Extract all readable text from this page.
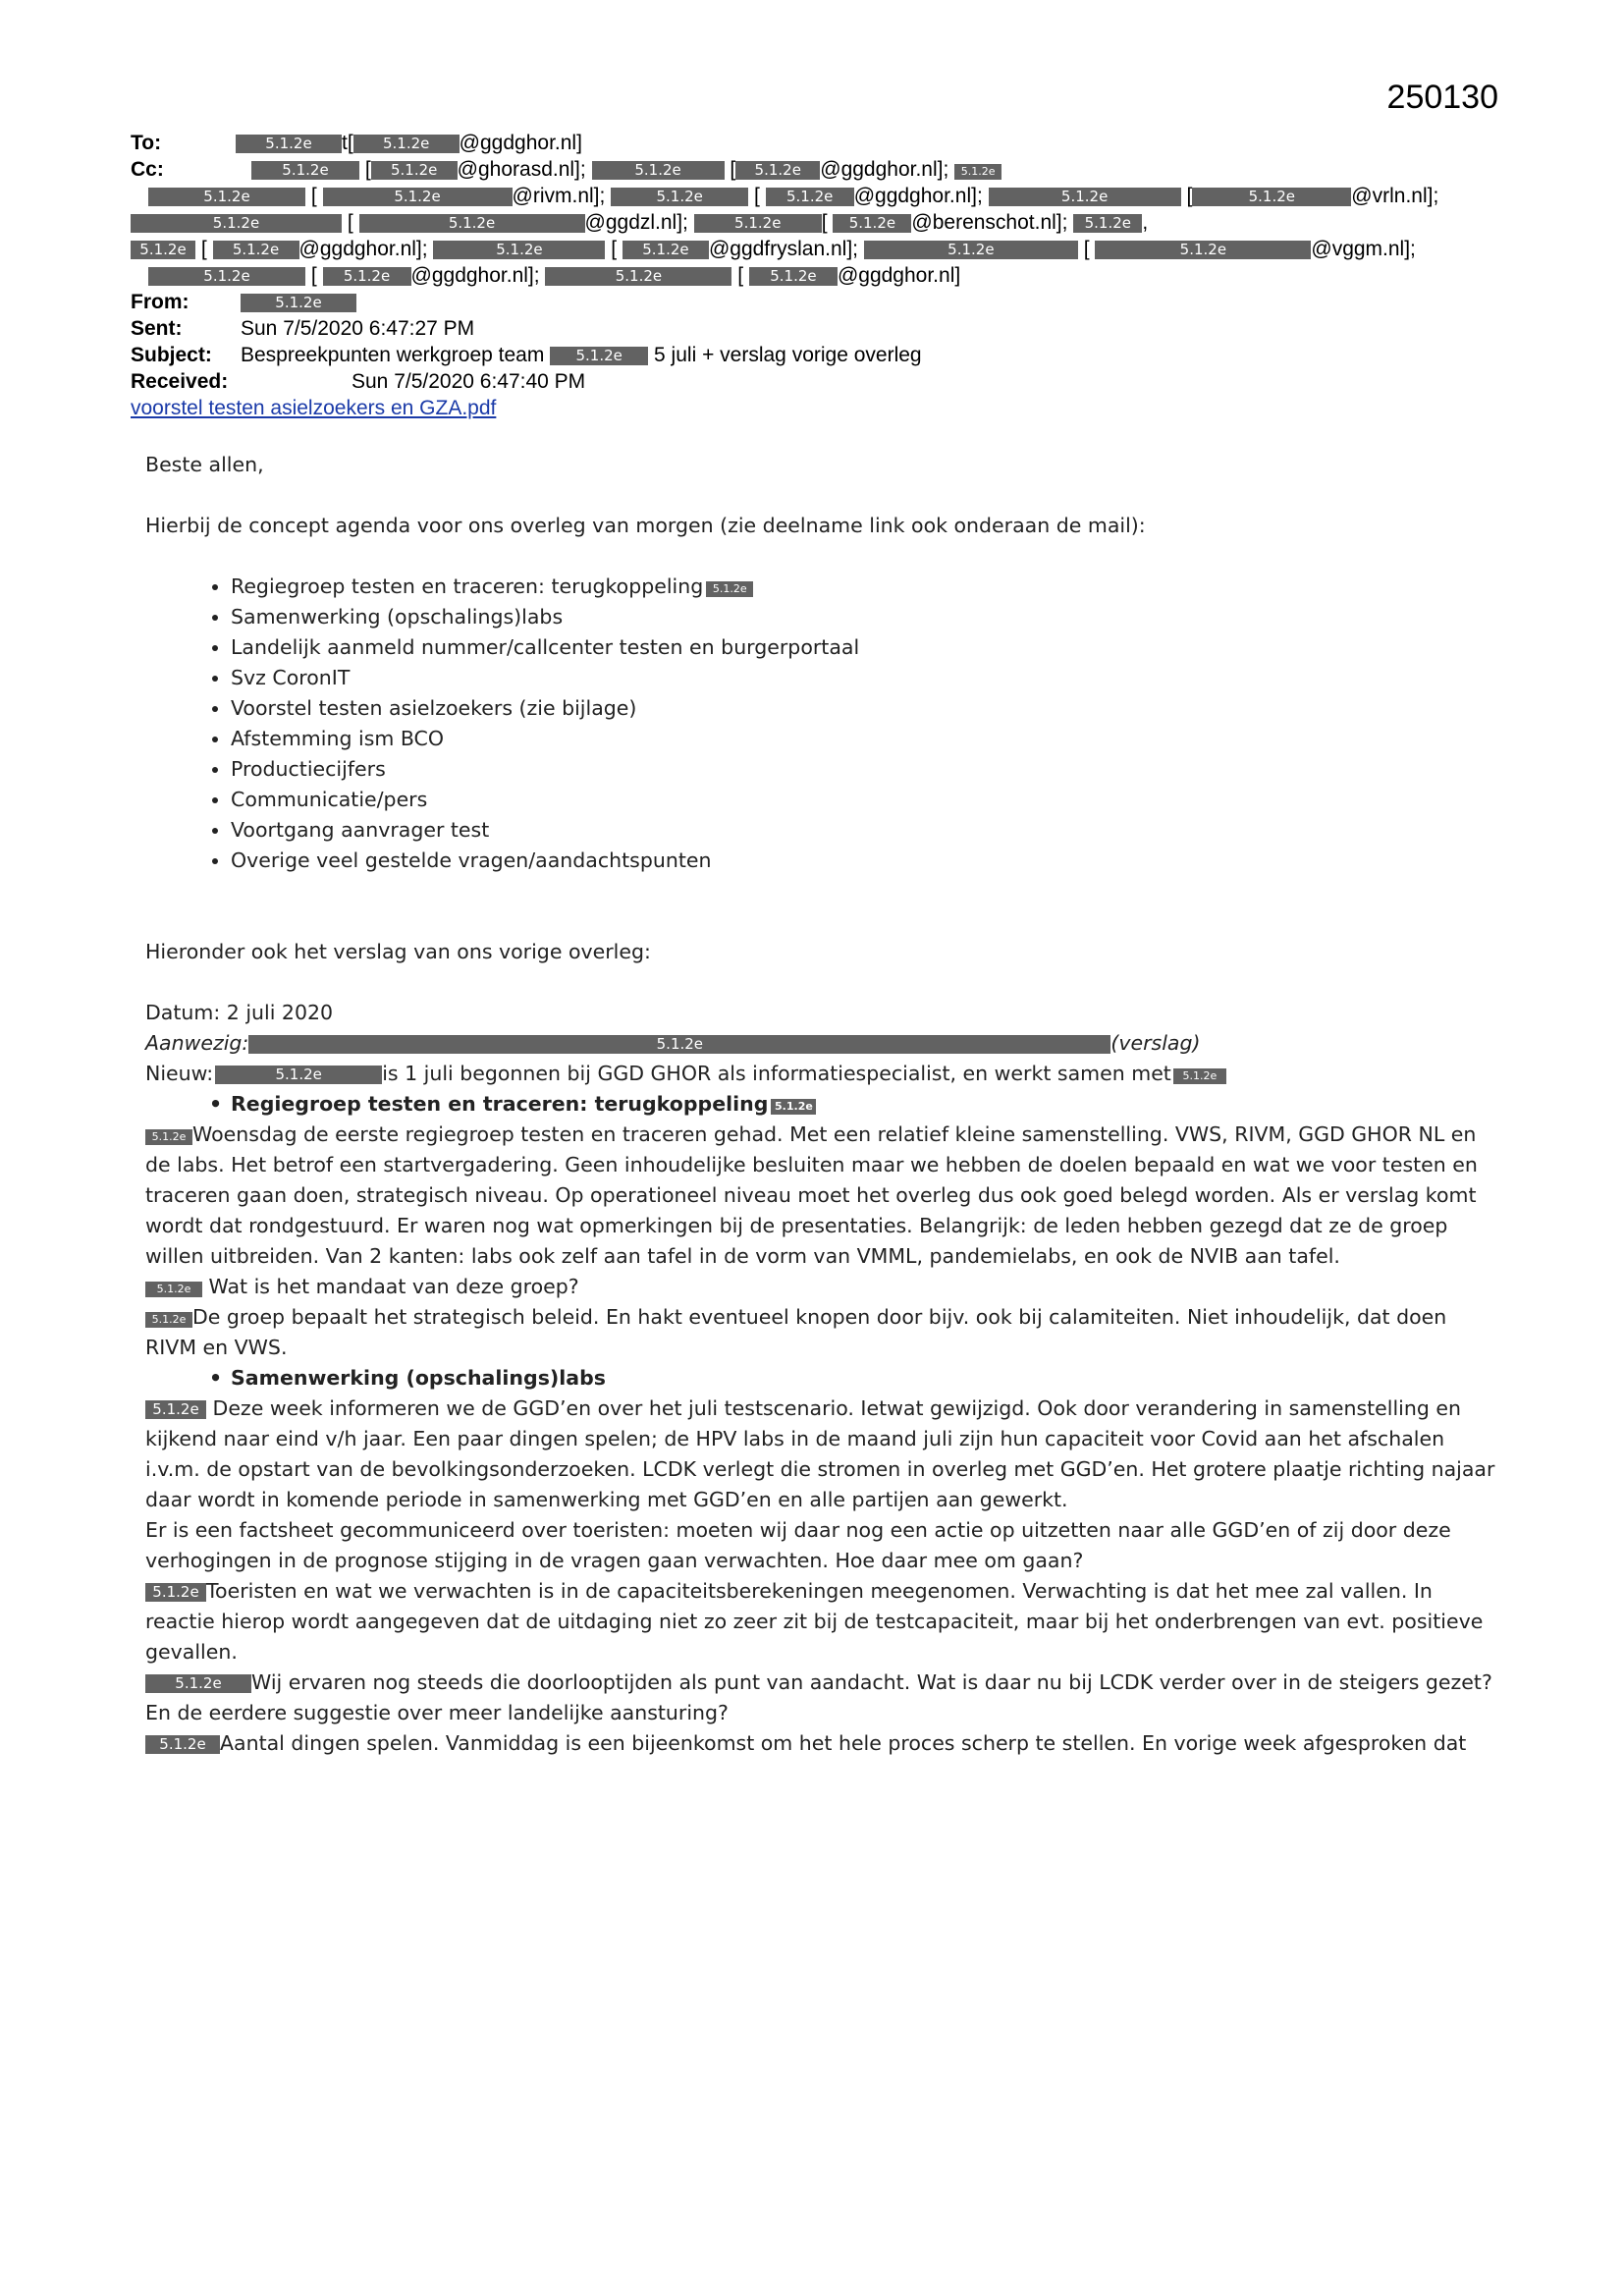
250130
To:	5.1.2e t[ 5.1.2e @ggdghor.nl]
Cc:	5.1.2e [ 5.1.2e @ghorasd.nl];	5.1.2e [ 5.1.2e @ggdghor.nl]; 5.1.2e
5.1.2e	[	5.1.2e	@rivm.nl];	5.1.2e [ 5.1.2e @ggdghor.nl];	5.1.2e	[	5.1.2e	@vrln.nl];
5.1.2e	[	5.1.2e	@ggdzl.nl];	5.1.2e [ 5.1.2e @berenschot.nl]; 5.1.2e ,
5.1.2e [ 5.1.2e @ggdghor.nl];	5.1.2e	[ 5.1.2e @ggdfryslan.nl];	5.1.2e	[	5.1.2e	@vggm.nl];
5.1.2e	[ 5.1.2e @ggdghor.nl];	5.1.2e	[ 5.1.2e @ggdghor.nl]
From:	5.1.2e
Sent:	Sun 7/5/2020 6:47:27 PM
Subject: Bespreekpunten werkgroep team 5.1.2e 5 juli + verslag vorige overleg
Received:	Sun 7/5/2020 6:47:40 PM
voorstel testen asielzoekers en GZA.pdf

Beste allen,

Hierbij de concept agenda voor ons overleg van morgen (zie deelname link ook onderaan de mail):

• Regiegroep testen en traceren: terugkoppeling 5.1.2e
• Samenwerking (opschalings)labs
• Landelijk aanmeld nummer/callcenter testen en burgerportaal
• Svz CoronIT
• Voorstel testen asielzoekers (zie bijlage)
• Afstemming ism BCO
• Productiecijfers
• Communicatie/pers
• Voortgang aanvrager test
• Overige veel gestelde vragen/aandachtspunten

Hieronder ook het verslag van ons vorige overleg:

Datum: 2 juli 2020

Aanwezig:	5.1.2e	(verslag)

Nieuw:	5.1.2e	is 1 juli begonnen bij GGD GHOR als informatiespecialist, en werkt samen met 5.1.2e

• Regiegroep testen en traceren: terugkoppeling 5.1.2e

5.1.2e Woensdag de eerste regiegroep testen en traceren gehad. Met een relatief kleine samenstelling. VWS, RIVM, GGD GHOR NL en de labs. Het betrof een startvergadering. Geen inhoudelijke besluiten maar we hebben de doelen bepaald en wat we voor testen en traceren gaan doen, strategisch niveau. Op operationeel niveau moet het overleg dus ook goed belegd worden. Als er verslag komt wordt dat rondgestuurd. Er waren nog wat opmerkingen bij de presentaties. Belangrijk: de leden hebben gezegd dat ze de groep willen uitbreiden. Van 2 kanten: labs ook zelf aan tafel in de vorm van VMML, pandemielabs, en ook de NVIB aan tafel.

5.1.2e Wat is het mandaat van deze groep?

5.1.2e De groep bepaalt het strategisch beleid. En hakt eventueel knopen door bijv. ook bij calamiteiten. Niet inhoudelijk, dat doen RIVM en VWS.

• Samenwerking (opschalings)labs

5.1.2e Deze week informeren we de GGD’en over het juli testscenario. Ietwat gewijzigd. Ook door verandering in samenstelling en kijkend naar eind v/h jaar. Een paar dingen spelen; de HPV labs in de maand juli zijn hun capaciteit voor Covid aan het afschalen i.v.m. de opstart van de bevolkingsonderzoeken. LCDK verlegt die stromen in overleg met GGD’en. Het grotere plaatje richting najaar daar wordt in komende periode in samenwerking met GGD’en en alle partijen aan gewerkt.

Er is een factsheet gecommuniceerd over toeristen: moeten wij daar nog een actie op uitzetten naar alle GGD’en of zij door deze verhogingen in de prognose stijging in de vragen gaan verwachten. Hoe daar mee om gaan?

5.1.2e Toeristen en wat we verwachten is in de capaciteitsberekeningen meegenomen. Verwachting is dat het mee zal vallen. In reactie hierop wordt aangegeven dat de uitdaging niet zo zeer zit bij de testcapaciteit, maar bij het onderbrengen van evt. positieve gevallen.

5.1.2e Wij ervaren nog steeds die doorlooptijden als punt van aandacht. Wat is daar nu bij LCDK verder over in de steigers gezet? En de eerdere suggestie over meer landelijke aansturing?

5.1.2e Aantal dingen spelen. Vanmiddag is een bijeenkomst om het hele proces scherp te stellen. En vorige week afgesproken dat
